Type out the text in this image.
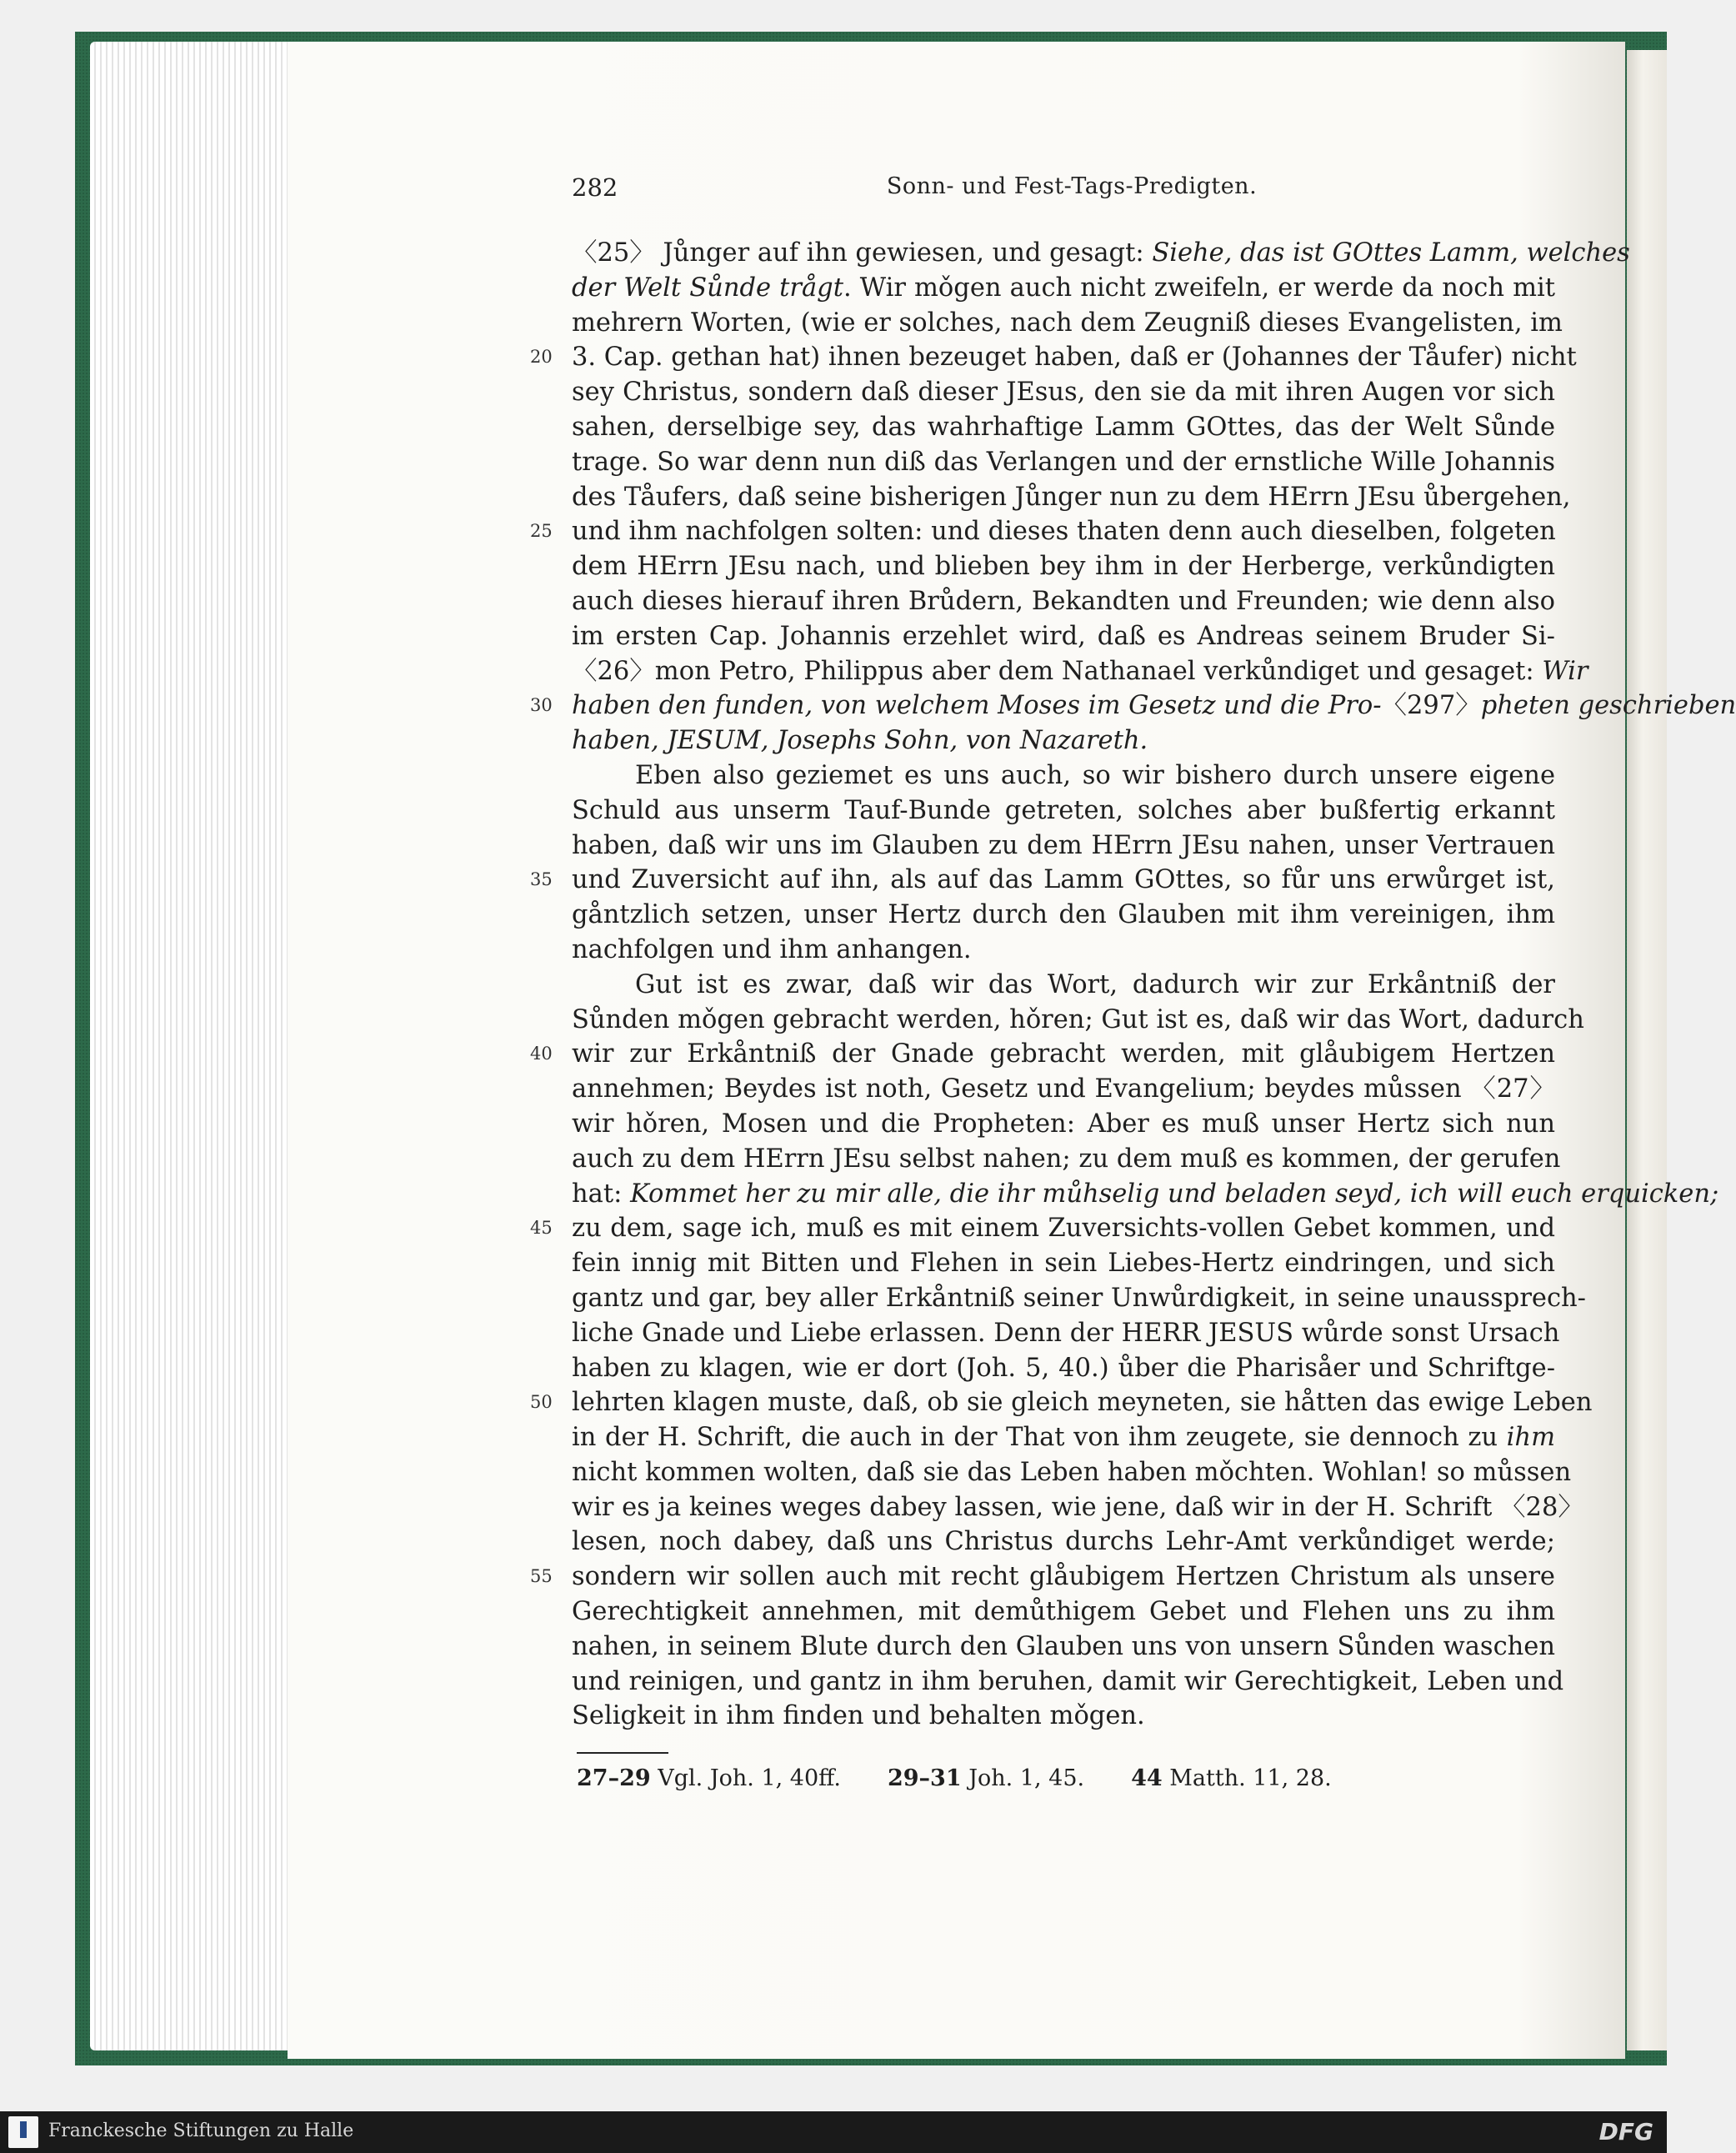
282	Sonn- und Fest-Tags-Predigten.
20
25
30
35
40
45
50
55
〈25〉 Jůnger auf ihn gewiesen, und gesagt: Siehe, das ist GOttes Lamm, welches
der Welt Sůnde trågt. Wir mǒgen auch nicht zweifeln, er werde da noch mit
mehrern Worten, (wie er solches, nach dem Zeugniß dieses Evangelisten, im
3. Cap. gethan hat) ihnen bezeuget haben, daß er (Johannes der Tåufer) nicht
sey Christus, sondern daß dieser JEsus, den sie da mit ihren Augen vor sich
sahen, derselbige sey, das wahrhaftige Lamm GOttes, das der Welt Sůnde
trage. So war denn nun diß das Verlangen und der ernstliche Wille Johannis
des Tåufers, daß seine bisherigen Jůnger nun zu dem HErrn JEsu ůbergehen,
und ihm nachfolgen solten: und dieses thaten denn auch dieselben, folgeten
dem HErrn JEsu nach, und blieben bey ihm in der Herberge, verkůndigten
auch dieses hierauf ihren Brůdern, Bekandten und Freunden; wie denn also
im ersten Cap. Johannis erzehlet wird, daß es Andreas seinem Bruder Si-
〈26〉mon Petro, Philippus aber dem Nathanael verkůndiget und gesaget: Wir
haben den funden, von welchem Moses im Gesetz und die Pro-〈297〉pheten geschrieben
haben, JESUM, Josephs Sohn, von Nazareth.
Eben also geziemet es uns auch, so wir bishero durch unsere eigene
Schuld aus unserm Tauf-Bunde getreten, solches aber bußfertig erkannt
haben, daß wir uns im Glauben zu dem HErrn JEsu nahen, unser Vertrauen
und Zuversicht auf ihn, als auf das Lamm GOttes, so fůr uns erwůrget ist,
gåntzlich setzen, unser Hertz durch den Glauben mit ihm vereinigen, ihm
nachfolgen und ihm anhangen.
Gut ist es zwar, daß wir das Wort, dadurch wir zur Erkåntniß der
Sůnden mǒgen gebracht werden, hǒren; Gut ist es, daß wir das Wort, dadurch
wir zur Erkåntniß der Gnade gebracht werden, mit glåubigem Hertzen
annehmen; Beydes ist noth, Gesetz und Evangelium; beydes můssen 〈27〉
wir hǒren, Mosen und die Propheten: Aber es muß unser Hertz sich nun
auch zu dem HErrn JEsu selbst nahen; zu dem muß es kommen, der gerufen
hat: Kommet her zu mir alle, die ihr můhselig und beladen seyd, ich will euch erquicken;
zu dem, sage ich, muß es mit einem Zuversichts-vollen Gebet kommen, und
fein innig mit Bitten und Flehen in sein Liebes-Hertz eindringen, und sich
gantz und gar, bey aller Erkåntniß seiner Unwůrdigkeit, in seine unaussprech-
liche Gnade und Liebe erlassen. Denn der HERR JESUS wůrde sonst Ursach
haben zu klagen, wie er dort (Joh. 5, 40.) ůber die Pharisåer und Schriftge-
lehrten klagen muste, daß, ob sie gleich meyneten, sie håtten das ewige Leben
in der H. Schrift, die auch in der That von ihm zeugete, sie dennoch zu ihm
nicht kommen wolten, daß sie das Leben haben mǒchten. Wohlan! so můssen
wir es ja keines weges dabey lassen, wie jene, daß wir in der H. Schrift 〈28〉
lesen, noch dabey, daß uns Christus durchs Lehr-Amt verkůndiget werde;
sondern wir sollen auch mit recht glåubigem Hertzen Christum als unsere
Gerechtigkeit annehmen, mit demůthigem Gebet und Flehen uns zu ihm
nahen, in seinem Blute durch den Glauben uns von unsern Sůnden waschen
und reinigen, und gantz in ihm beruhen, damit wir Gerechtigkeit, Leben und
Seligkeit in ihm finden und behalten mǒgen.
27–29 Vgl. Joh. 1, 40ff. 29–31 Joh. 1, 45. 44 Matth. 11, 28.
Franckesche Stiftungen zu Halle	DFG
